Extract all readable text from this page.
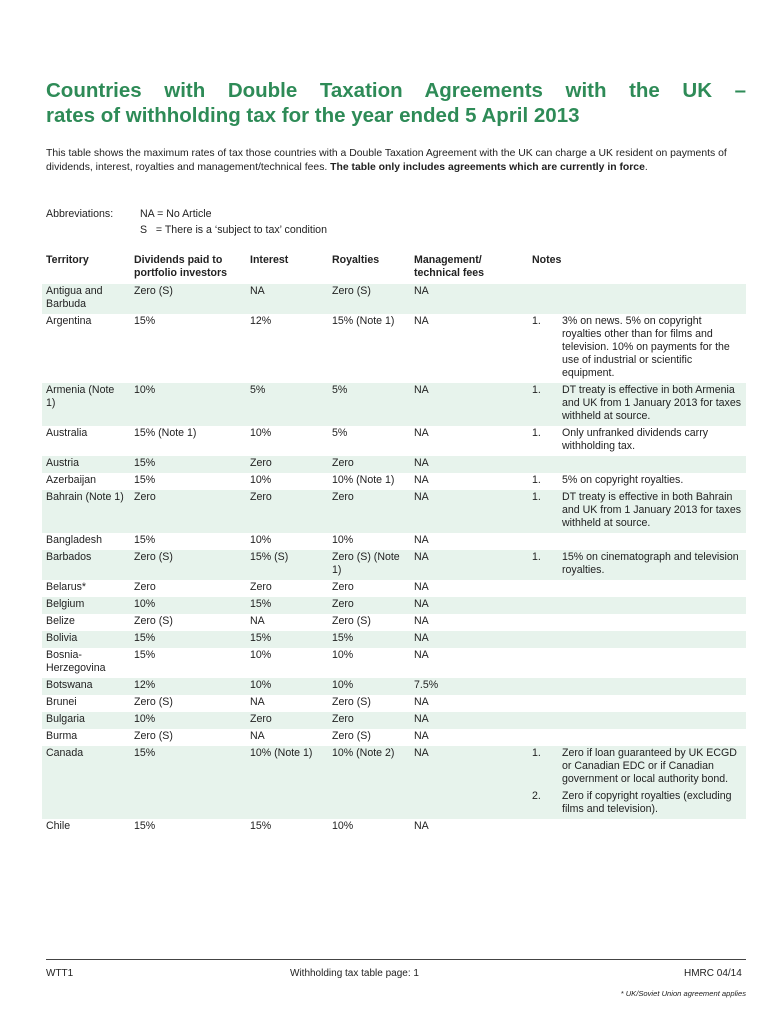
Countries with Double Taxation Agreements with the UK –
rates of withholding tax for the year ended 5 April 2013

This table shows the maximum rates of tax those countries with a Double Taxation Agreement with the UK can charge a UK resident on payments of dividends, interest, royalties and management/technical fees. The table only includes agreements which are currently in force.

Abbreviations:	NA = No Article
S   = There is a ‘subject to tax’ condition
Territory	Dividends paid to portfolio investors	Interest	Royalties	Management/ technical fees	Notes	
Antigua and Barbuda	Zero (S)	NA	Zero (S)	NA		
Argentina	15%	12%	15% (Note 1)	NA	1.	3% on news. 5% on copyright royalties other than for films and television. 10% on payments for the use of industrial or scientific equipment.
Armenia (Note 1)	10%	5%	5%	NA	1.	DT treaty is effective in both Armenia and UK from 1 January 2013 for taxes withheld at source.
Australia	15% (Note 1)	10%	5%	NA	1.	Only unfranked dividends carry withholding tax.
Austria	15%	Zero	Zero	NA		
Azerbaijan	15%	10%	10% (Note 1)	NA	1.	5% on copyright royalties.
Bahrain (Note 1)	Zero	Zero	Zero	NA	1.	DT treaty is effective in both Bahrain and UK from 1 January 2013 for taxes withheld at source.
Bangladesh	15%	10%	10%	NA		
Barbados	Zero (S)	15% (S)	Zero (S) (Note 1)	NA	1.	15% on cinematograph and television royalties.
Belarus*	Zero	Zero	Zero	NA		
Belgium	10%	15%	Zero	NA		
Belize	Zero (S)	NA	Zero (S)	NA		
Bolivia	15%	15%	15%	NA		
Bosnia-Herzegovina	15%	10%	10%	NA		
Botswana	12%	10%	10%	7.5%		
Brunei	Zero (S)	NA	Zero (S)	NA		
Bulgaria	10%	Zero	Zero	NA		
Burma	Zero (S)	NA	Zero (S)	NA		
Canada	15%	10% (Note 1)	10% (Note 2)	NA	1.	Zero if loan guaranteed by UK ECGD or Canadian EDC or if Canadian government or local authority bond.
					2.	Zero if copyright royalties (excluding films and television).
Chile	15%	15%	10%	NA		
WTT1	Withholding tax table page: 1	HMRC 04/14
* UK/Soviet Union agreement applies
